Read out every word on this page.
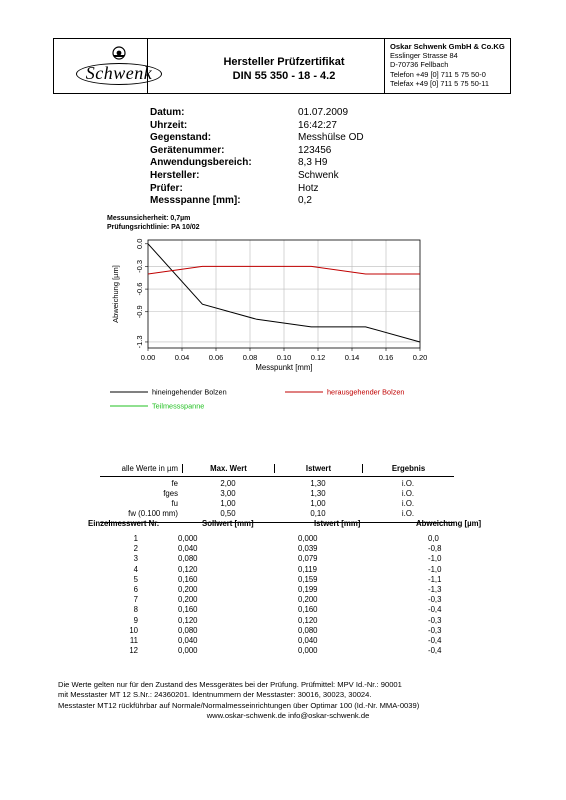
Schwenk
Hersteller Prüfzertifikat
DIN 55 350 - 18 - 4.2
Oskar Schwenk GmbH & Co.KG
Esslinger Strasse 84
D-70736 Fellbach
Telefon +49 [0] 711 5 75 50-0
Telefax +49 [0] 711 5 75 50-11
Datum:	01.07.2009
Uhrzeit:	16:42:27
Gegenstand:	Messhülse OD
Gerätenummer:	123456
Anwendungsbereich:	8,3 H9
Hersteller:	Schwenk
Prüfer:	Hotz
Messspanne [mm]:	0,2
Messunsicherheit: 0,7µm
Prüfungsrichtlinie: PA 10/02
0.0
-0.3
-0.6
-0.9
-1.3
0.00	0.04	0.06	0.08	0.10	0.12	0.14	0.16	0.20
Abweichung [µm]
Messpunkt [mm]
hineingehender Bolzen	herausgehender Bolzen
Teilmessspanne
alle Werte in µm	Max. Wert	Istwert	Ergebnis
fe	2,00	1,30	i.O.
fges	3,00	1,30	i.O.
fu	1,00	1,00	i.O.
fw (0.100 mm)	0,50	0,10	i.O.
Einzelmesswert Nr.	Sollwert [mm]	Istwert [mm]	Abweichung [µm]
1	0,000	0,000	0,0
2	0,040	0,039	-0,8
3	0,080	0,079	-1,0
4	0,120	0,119	-1,0
5	0,160	0,159	-1,1
6	0,200	0,199	-1,3
7	0,200	0,200	-0,3
8	0,160	0,160	-0,4
9	0,120	0,120	-0,3
10	0,080	0,080	-0,3
11	0,040	0,040	-0,4
12	0,000	0,000	-0,4
Die Werte gelten nur für den Zustand des Messgerätes bei der Prüfung. Prüfmittel: MPV Id.-Nr.: 90001
mit Messtaster MT 12 S.Nr.: 24360201. Identnummern der Messtaster: 30016, 30023, 30024.
Messtaster MT12 rückführbar auf Normale/Normalmesseinrichtungen über Optimar 100 (Id.-Nr. MMA-0039)
www.oskar-schwenk.de info@oskar-schwenk.de
